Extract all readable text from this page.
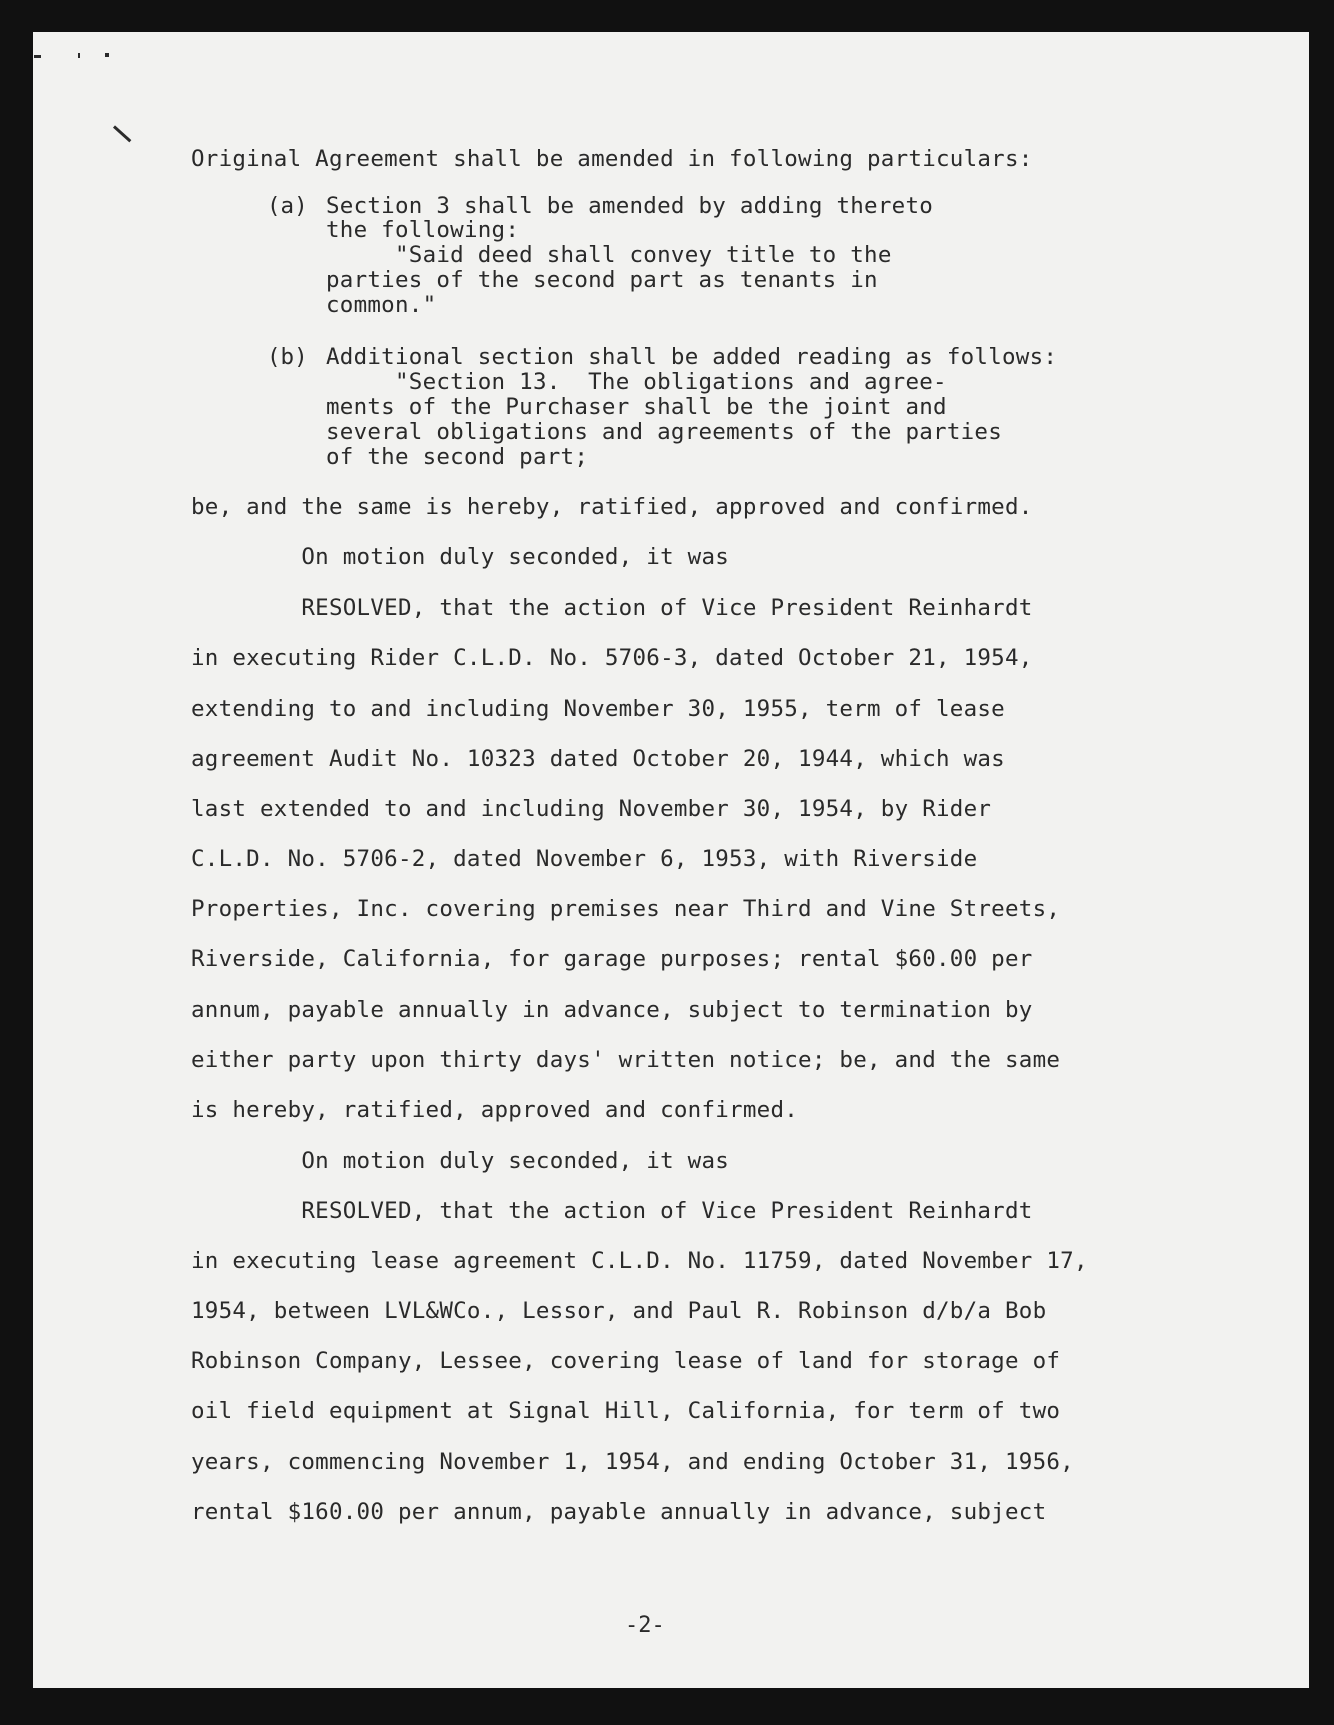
Original Agreement shall be amended in following particulars:
(a) Section 3 shall be amended by adding thereto
the following:
"Said deed shall convey title to the
parties of the second part as tenants in
common."
(b) Additional section shall be added reading as follows:
"Section 13.  The obligations and agree-
ments of the Purchaser shall be the joint and
several obligations and agreements of the parties
of the second part;
be, and the same is hereby, ratified, approved and confirmed.
On motion duly seconded, it was
RESOLVED, that the action of Vice President Reinhardt
in executing Rider C.L.D. No. 5706-3, dated October 21, 1954,
extending to and including November 30, 1955, term of lease
agreement Audit No. 10323 dated October 20, 1944, which was
last extended to and including November 30, 1954, by Rider
C.L.D. No. 5706-2, dated November 6, 1953, with Riverside
Properties, Inc. covering premises near Third and Vine Streets,
Riverside, California, for garage purposes; rental $60.00 per
annum, payable annually in advance, subject to termination by
either party upon thirty days' written notice; be, and the same
is hereby, ratified, approved and confirmed.
On motion duly seconded, it was
RESOLVED, that the action of Vice President Reinhardt
in executing lease agreement C.L.D. No. 11759, dated November 17,
1954, between LVL&WCo., Lessor, and Paul R. Robinson d/b/a Bob
Robinson Company, Lessee, covering lease of land for storage of
oil field equipment at Signal Hill, California, for term of two
years, commencing November 1, 1954, and ending October 31, 1956,
rental $160.00 per annum, payable annually in advance, subject
-2-
